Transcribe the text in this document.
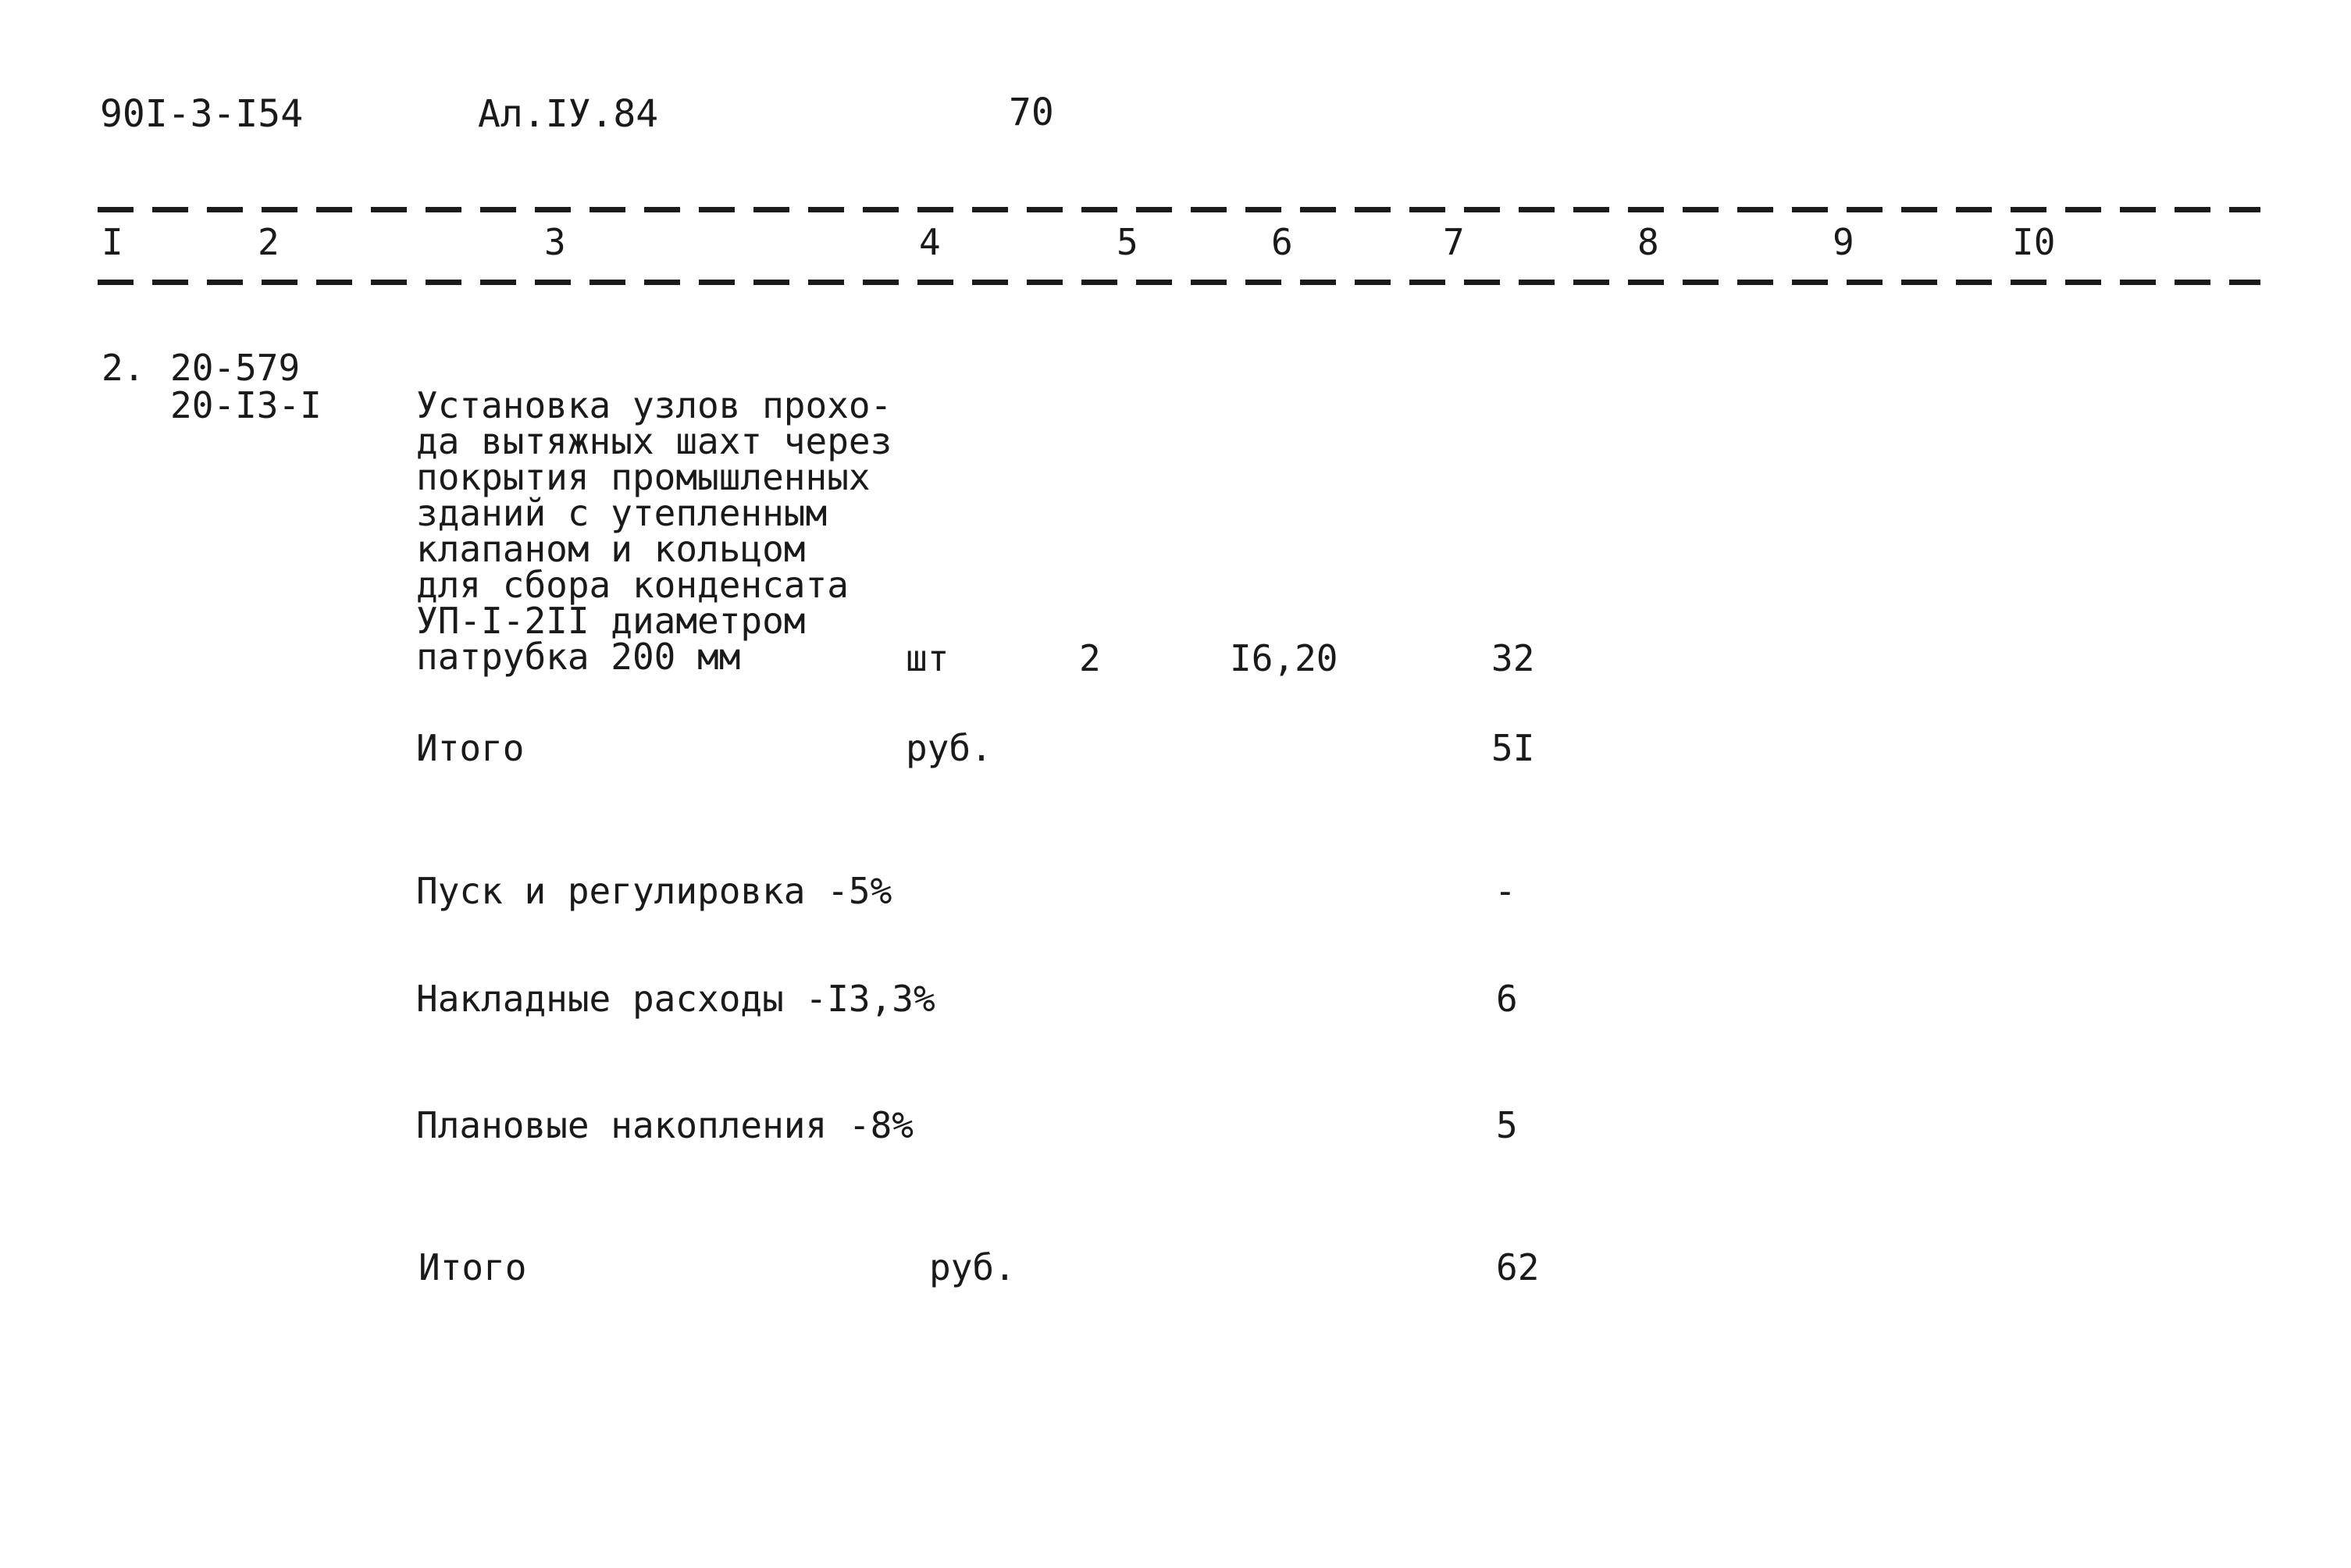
90I-3-I54	Ал.IУ.84	70
I	2	3	4	5	6	7	8	9	I0
2. 20-579
20-I3-I	Установка узлов прохо-
да вытяжных шахт через
покрытия промышленных
зданий с утепленным
клапаном и кольцом
для сбора конденсата
УП-I-2II диаметром
патрубка 200 мм	шт	2	I6,20	32
Итого	руб.	5I
Пуск и регулировка -5%	-
Накладные расходы -I3,3%	6
Плановые накопления -8%	5
Итого	руб.	62
